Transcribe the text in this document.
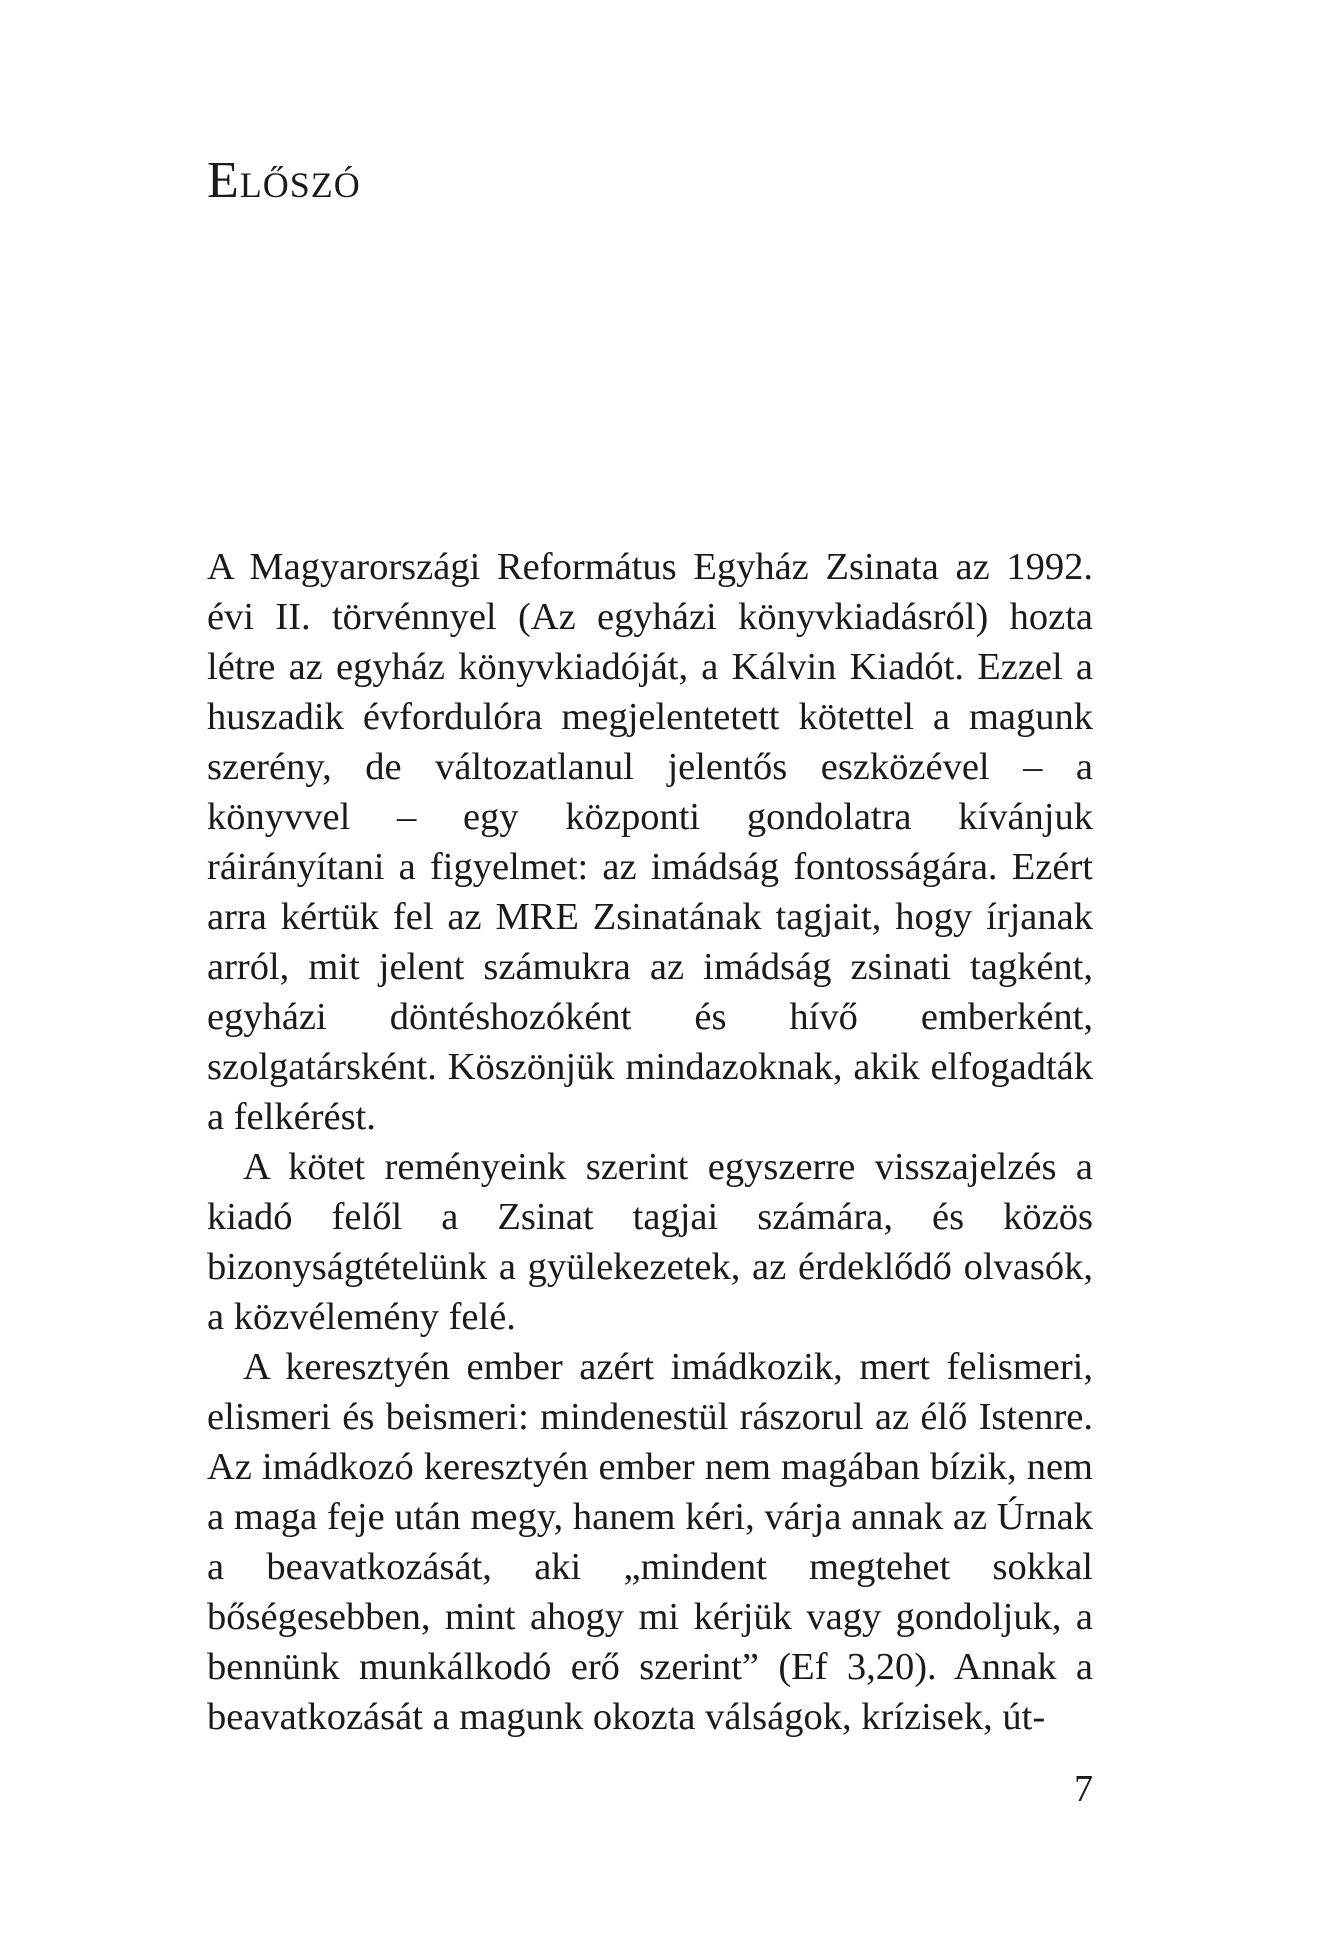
Előszó

A Magyarországi Református Egyház Zsinata az 1992. évi II. törvénnyel (Az egyházi könyvkiadásról) hozta létre az egyház könyvkiadóját, a Kálvin Kiadót. Ezzel a huszadik évfordulóra megjelentetett kötettel a magunk szerény, de változatlanul jelentős eszközével – a könyvvel – egy központi gondolatra kívánjuk ráirányítani a figyelmet: az imádság fontosságára. Ezért arra kértük fel az MRE Zsinatának tagjait, hogy írjanak arról, mit jelent számukra az imádság zsinati tagként, egyházi döntéshozóként és hívő emberként, szolgatársként. Köszönjük mindazoknak, akik elfogadták a felkérést.

A kötet reményeink szerint egyszerre visszajelzés a kiadó felől a Zsinat tagjai számára, és közös bizonyságtételünk a gyülekezetek, az érdeklődő olvasók, a közvélemény felé.

A keresztyén ember azért imádkozik, mert felismeri, elismeri és beismeri: mindenestül rászorul az élő Istenre. Az imádkozó keresztyén ember nem magában bízik, nem a maga feje után megy, hanem kéri, várja annak az Úrnak a beavatkozását, aki „mindent megtehet sokkal bőségesebben, mint ahogy mi kérjük vagy gondoljuk, a bennünk munkálkodó erő szerint” (Ef 3,20). Annak a beavatkozását a magunk okozta válságok, krízisek, út-

7
